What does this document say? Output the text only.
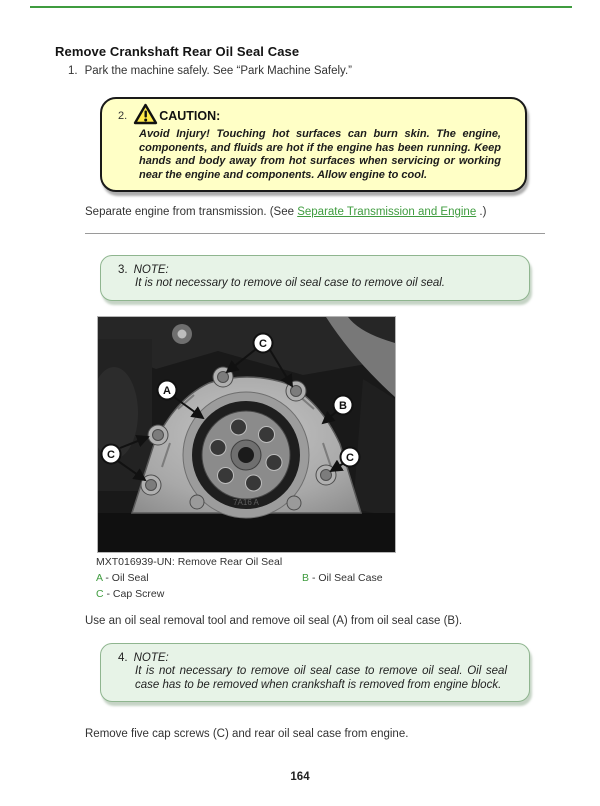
Remove Crankshaft Rear Oil Seal Case
1. Park the machine safely. See “Park Machine Safely.”
2.	CAUTION:
Avoid Injury! Touching hot surfaces can burn skin. The engine, components, and fluids are hot if the engine has been running. Keep hands and body away from hot surfaces when servicing or working near the engine and components. Allow engine to cool.
Separate engine from transmission. (See Separate Transmission and Engine .)
3. NOTE:
It is not necessary to remove oil seal case to remove oil seal.
7A16 A
C
A
B
C	C
MXT016939-UN: Remove Rear Oil Seal
A - Oil Seal	B - Oil Seal Case
C - Cap Screw
Use an oil seal removal tool and remove oil seal (A) from oil seal case (B).
4. NOTE:
It is not necessary to remove oil seal case to remove oil seal. Oil seal case has to be removed when crankshaft is removed from engine block.
Remove five cap screws (C) and rear oil seal case from engine.
164
